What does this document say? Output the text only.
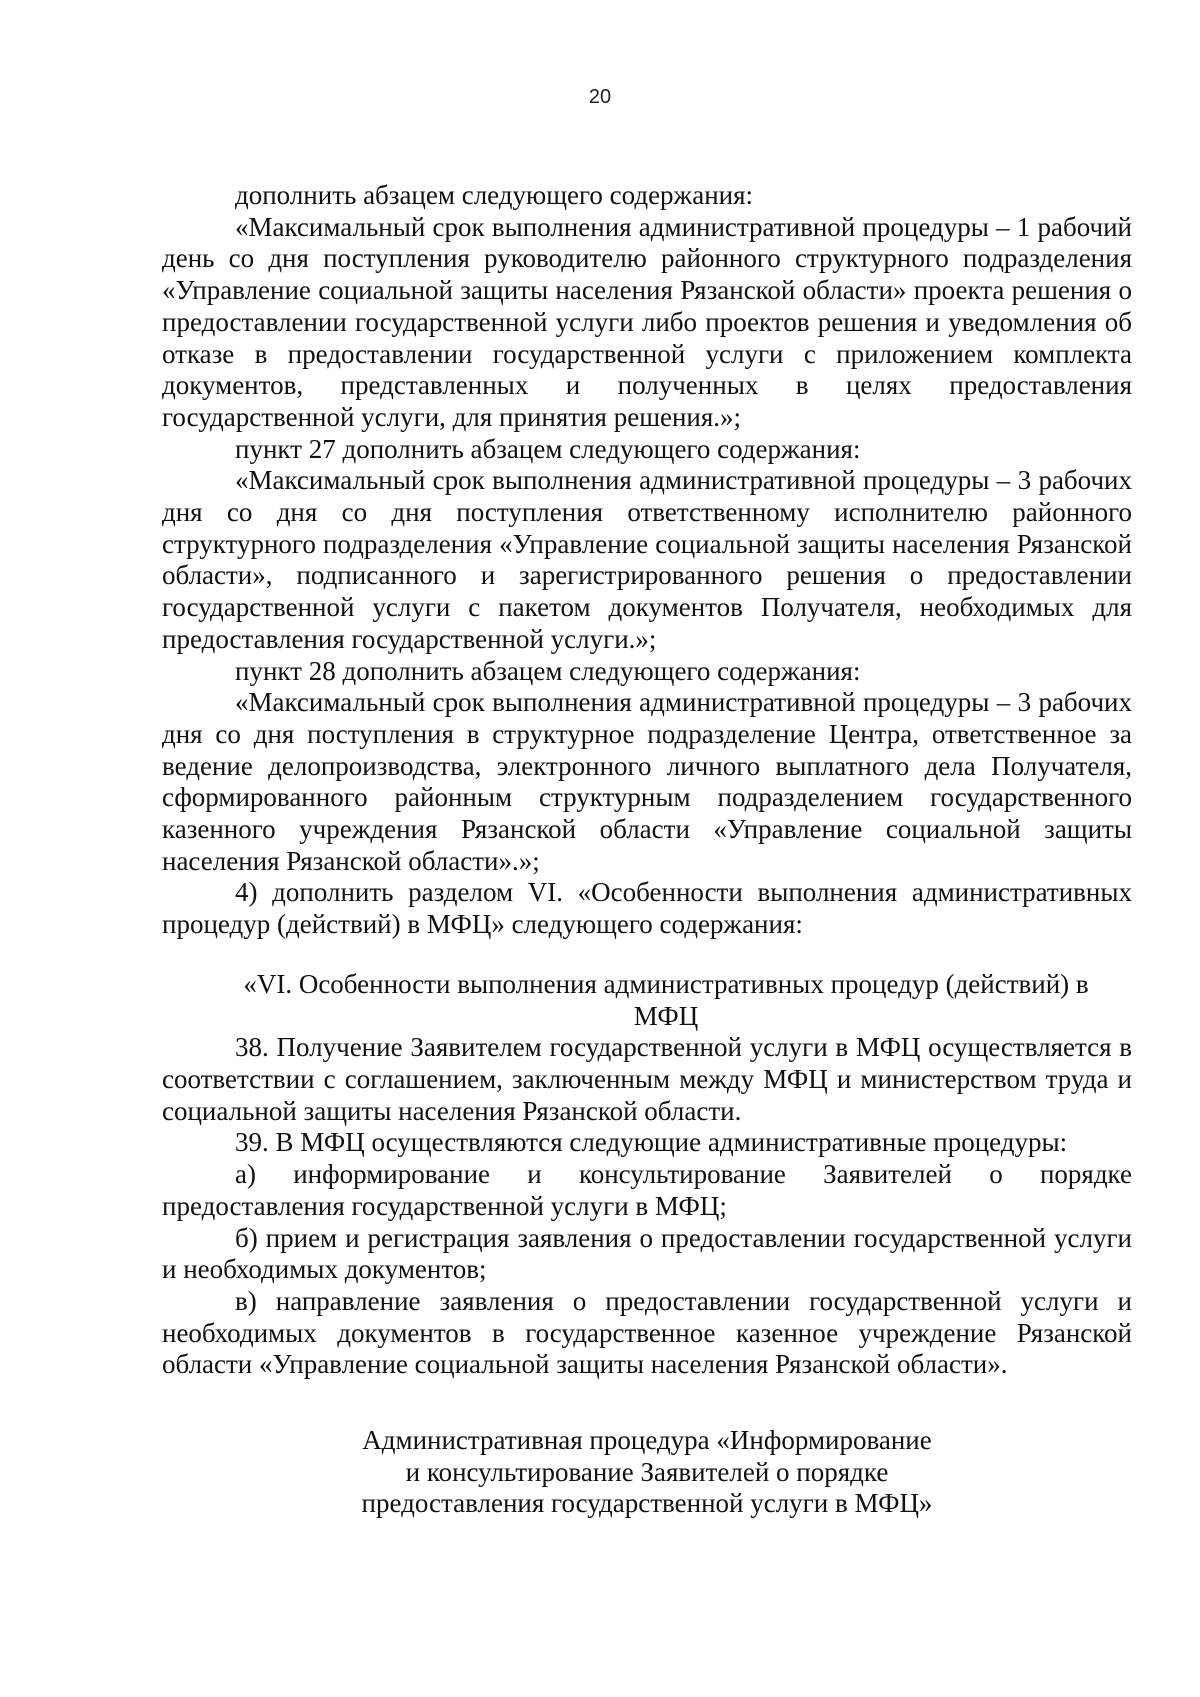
20

дополнить абзацем следующего содержания:

«Максимальный срок выполнения административной процедуры – 1 рабочий день со дня поступления руководителю районного структурного подразделения «Управление социальной защиты населения Рязанской области» проекта решения о предоставлении государственной услуги либо проектов решения и уведомления об отказе в предоставлении государственной услуги с приложением комплекта документов, представленных и полученных в целях предоставления государственной услуги, для принятия решения.»;

пункт 27 дополнить абзацем следующего содержания:

«Максимальный срок выполнения административной процедуры – 3 рабочих дня со дня со дня поступления ответственному исполнителю районного структурного подразделения «Управление социальной защиты населения Рязанской области», подписанного и зарегистрированного решения о предоставлении государственной услуги с пакетом документов Получателя, необходимых для предоставления государственной услуги.»;

пункт 28 дополнить абзацем следующего содержания:

«Максимальный срок выполнения административной процедуры – 3 рабочих дня со дня поступления в структурное подразделение Центра, ответственное за ведение делопроизводства, электронного личного выплатного дела Получателя, сформированного районным структурным подразделением государственного казенного учреждения Рязанской области «Управление социальной защиты населения Рязанской области».»;

4) дополнить разделом VI. «Особенности выполнения административных процедур (действий) в МФЦ» следующего содержания:

«VI. Особенности выполнения административных процедур (действий) в МФЦ

38. Получение Заявителем государственной услуги в МФЦ осуществляется в соответствии с соглашением, заключенным между МФЦ и министерством труда и социальной защиты населения Рязанской области.

39. В МФЦ осуществляются следующие административные процедуры:

а) информирование и консультирование Заявителей о порядке предоставления государственной услуги в МФЦ;

б) прием и регистрация заявления о предоставлении государственной услуги и необходимых документов;

в) направление заявления о предоставлении государственной услуги и необходимых документов в государственное казенное учреждение Рязанской области «Управление социальной защиты населения Рязанской области».

Административная процедура «Информирование
и консультирование Заявителей о порядке
предоставления государственной услуги в МФЦ»
